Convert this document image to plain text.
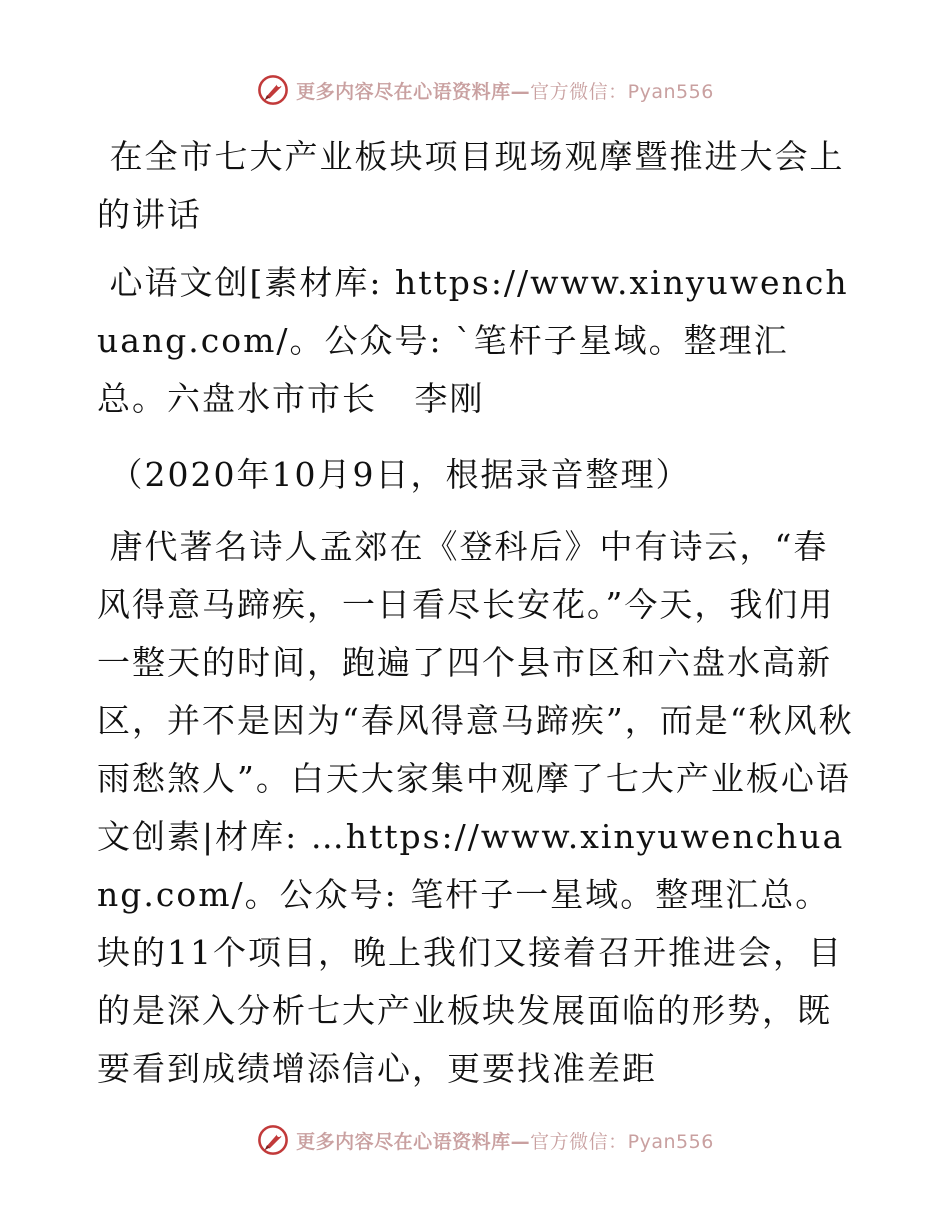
更多内容尽在心语资料库—官方微信：Pyan556

在全市七大产业板块项目现场观摩暨推进大会上的讲话

心语文创[素材库: https://www.xinyuwenchuang.com/。公众号: `笔杆子星域。整理汇总。六盘水市市长   李刚

（2020年10月9日，根据录音整理）

唐代著名诗人孟郊在《登科后》中有诗云，“春风得意马蹄疾，一日看尽长安花。”今天，我们用一整天的时间，跑遍了四个县市区和六盘水高新区，并不是因为“春风得意马蹄疾”，而是“秋风秋雨愁煞人”。白天大家集中观摩了七大产业板心语文创素|材库: …https://www.xinyuwenchuang.com/。公众号: 笔杆子一星域。整理汇总。块的11个项目，晚上我们又接着召开推进会，目的是深入分析七大产业板块发展面临的形势，既要看到成绩增添信心，更要找准差距

更多内容尽在心语资料库—官方微信：Pyan556
